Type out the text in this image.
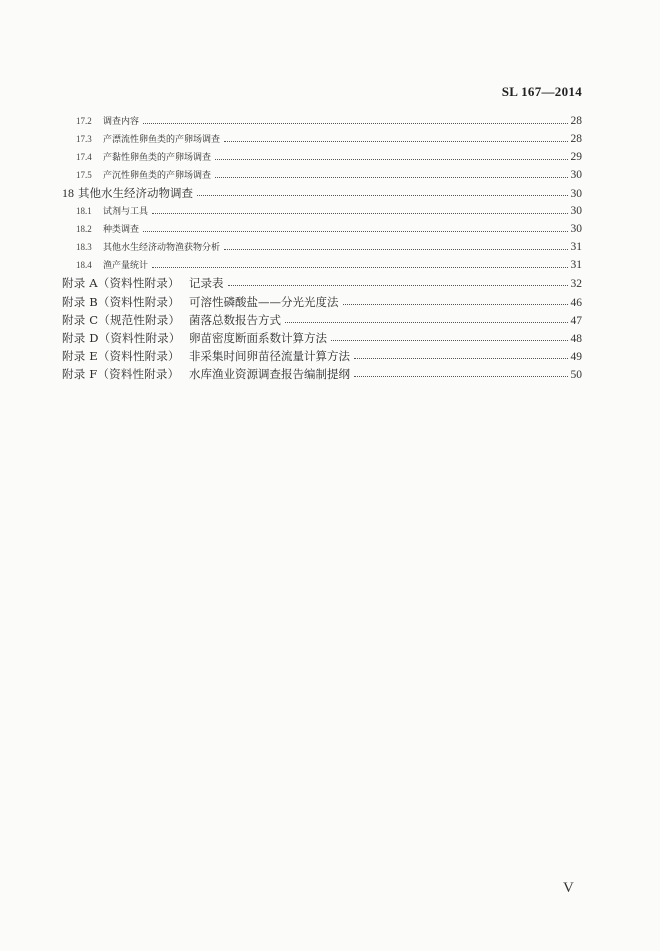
SL 167—2014
17.2	调查内容	28
17.3	产漂流性卵鱼类的产卵场调查	28
17.4	产黏性卵鱼类的产卵场调查	29
17.5	产沉性卵鱼类的产卵场调查	30
18 其他水生经济动物调查	30
18.1	试剂与工具	30
18.2	种类调查	30
18.3	其他水生经济动物渔获物分析	31
18.4	渔产量统计	31
附录 A（资料性附录） 记录表	32
附录 B（资料性附录） 可溶性磷酸盐——分光光度法	46
附录 C（规范性附录） 菌落总数报告方式	47
附录 D（资料性附录） 卵苗密度断面系数计算方法	48
附录 E（资料性附录） 非采集时间卵苗径流量计算方法	49
附录 F（资料性附录） 水库渔业资源调查报告编制提纲	50
V
